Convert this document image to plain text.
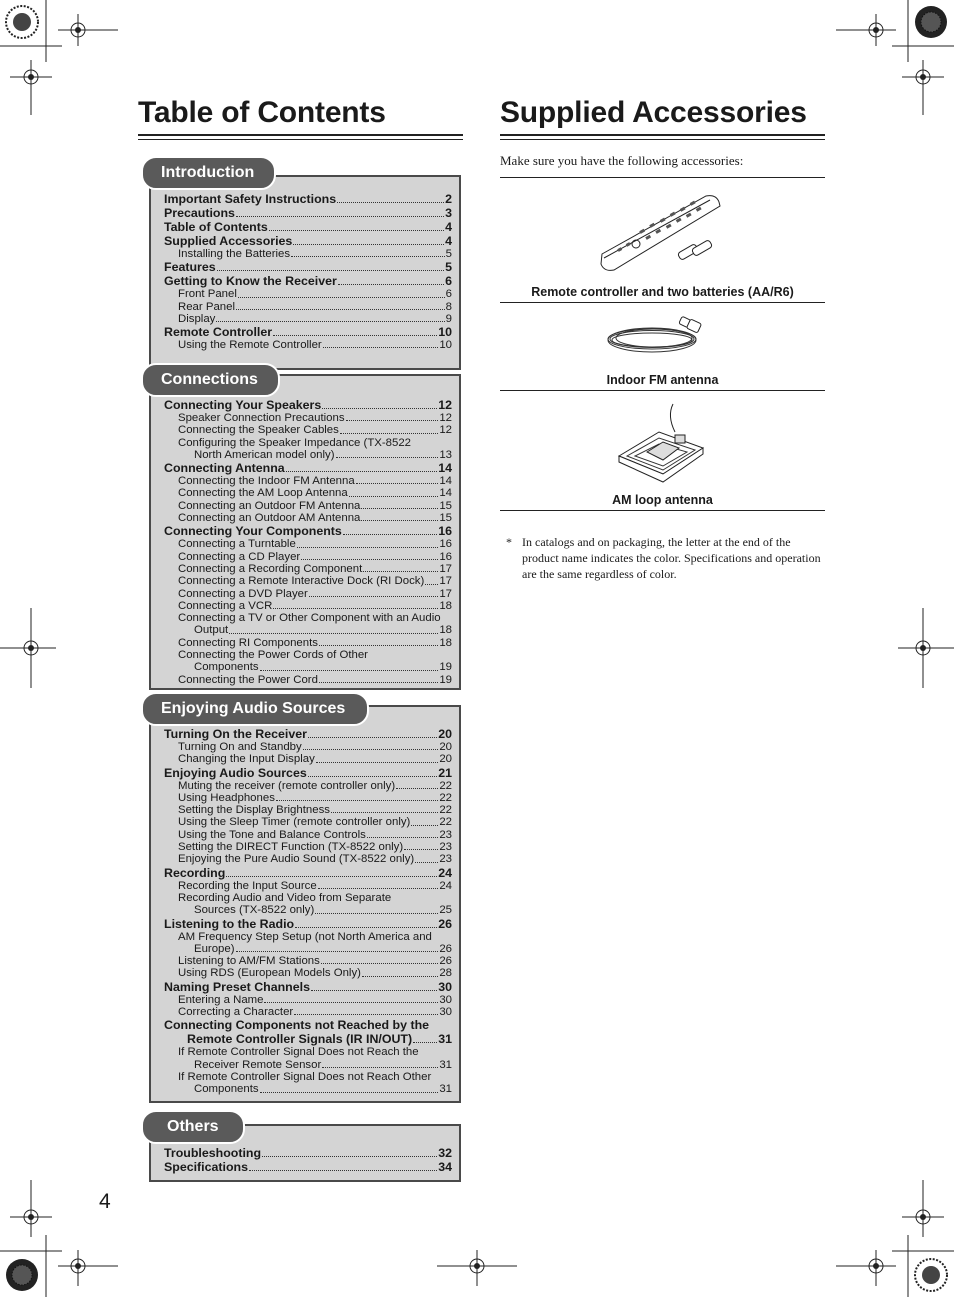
Table of Contents
Introduction
Connections
Enjoying Audio Sources
Others
Important Safety Instructions	2
Precautions	3
Table of Contents	4
Supplied Accessories	4
Installing the Batteries	5
Features	5
Getting to Know the Receiver	6
Front Panel	6
Rear Panel	8
Display	9
Remote Controller	10
Using the Remote Controller	10
Connecting Your Speakers	12
Speaker Connection Precautions	12
Connecting the Speaker Cables	12
Configuring the Speaker Impedance (TX-8522
North American model only)	13
Connecting Antenna	14
Connecting the Indoor FM Antenna	14
Connecting the AM Loop Antenna	14
Connecting an Outdoor FM Antenna	15
Connecting an Outdoor AM Antenna	15
Connecting Your Components	16
Connecting a Turntable	16
Connecting a CD Player	16
Connecting a Recording Component	17
Connecting a Remote Interactive Dock (RI Dock) 17
Connecting a DVD Player	17
Connecting a VCR	18
Connecting a TV or Other Component with an Audio
Output	18
Connecting RI Components	18
Connecting the Power Cords of Other
Components	19
Connecting the Power Cord	19
Turning On the Receiver	20
Turning On and Standby	20
Changing the Input Display	20
Enjoying Audio Sources	21
Muting the receiver (remote controller only)	22
Using Headphones	22
Setting the Display Brightness	22
Using the Sleep Timer (remote controller only)	22
Using the Tone and Balance Controls	23
Setting the DIRECT Function (TX-8522 only)	23
Enjoying the Pure Audio Sound (TX-8522 only) 23
Recording	24
Recording the Input Source	24
Recording Audio and Video from Separate
Sources (TX-8522 only)	25
Listening to the Radio	26
AM Frequency Step Setup (not North America and
Europe)	26
Listening to AM/FM Stations	26
Using RDS (European Models Only)	28
Naming Preset Channels	30
Entering a Name	30
Correcting a Character	30
Connecting Components not Reached by the
Remote Controller Signals (IR IN/OUT) 31
If Remote Controller Signal Does not Reach the
Receiver Remote Sensor	31
If Remote Controller Signal Does not Reach Other
Components	31
Troubleshooting	32
Specifications	34
4
Supplied Accessories
Make sure you have the following accessories:
Remote controller and two batteries (AA/R6)
Indoor FM antenna
AM loop antenna
* In catalogs and on packaging, the letter at the end of the product name indicates the color. Specifications and operation are the same regardless of color.
